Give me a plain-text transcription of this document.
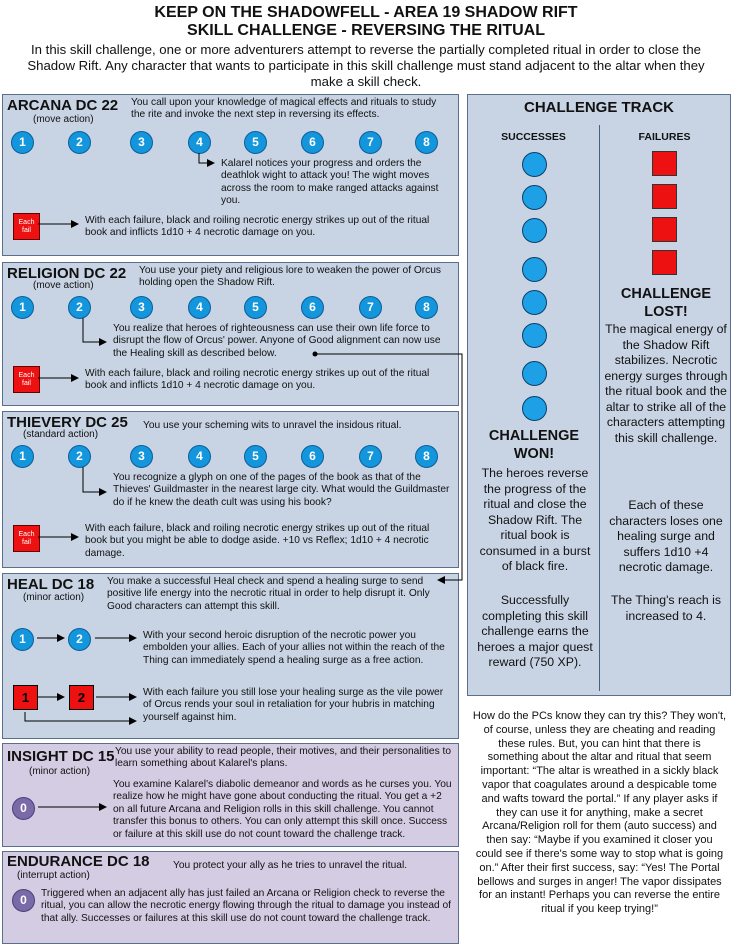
KEEP ON THE SHADOWFELL - AREA 19 SHADOW RIFT
SKILL CHALLENGE - REVERSING THE RITUAL
In this skill challenge, one or more adventurers attempt to reverse the partially completed ritual in order to close the Shadow Rift. Any character that wants to participate in this skill challenge must stand adjacent to the altar when they make a skill check.
ARCANA DC 22
(move action)
You call upon your knowledge of magical effects and rituals to study the rite and invoke the next step in reversing its effects.
1	2	3	4	5	6	7	8
Kalarel notices your progress and orders the deathlok wight to attack you! The wight moves across the room to make ranged attacks against you.
Each fail
With each failure, black and roiling necrotic energy strikes up out of the ritual book and inflicts 1d10 + 4 necrotic damage on you.
RELIGION DC 22
(move action)
You use your piety and religious lore to weaken the power of Orcus holding open the Shadow Rift.
1	2	3	4	5	6	7	8
You realize that heroes of righteousness can use their own life force to disrupt the flow of Orcus' power. Anyone of Good alignment can now use the Healing skill as described below.
Each fail
With each failure, black and roiling necrotic energy strikes up out of the ritual book and inflicts 1d10 + 4 necrotic damage on you.
THIEVERY DC 25
(standard action)
You use your scheming wits to unravel the insidous ritual.
1	2	3	4	5	6	7	8
You recognize a glyph on one of the pages of the book as that of the Thieves' Guildmaster in the nearest large city. What would the Guildmaster do if he knew the death cult was using his book?
Each fail
With each failure, black and roiling necrotic energy strikes up out of the ritual book but you might be able to dodge aside. +10 vs Reflex; 1d10 + 4 necrotic damage.
HEAL DC 18
(minor action)
You make a successful Heal check and spend a healing surge to send positive life energy into the necrotic ritual in order to help disrupt it. Only Good characters can attempt this skill.
1	2	With your second heroic disruption of the necrotic power you embolden your allies. Each of your allies not within the reach of the Thing can immediately spend a healing surge as a free action.
1	2	With each failure you still lose your healing surge as the vile power of Orcus rends your soul in retaliation for your hubris in matching yourself against him.
INSIGHT DC 15
(minor action)
You use your ability to read people, their motives, and their personalities to learn something about Kalarel's plans.
0
You examine Kalarel's diabolic demeanor and words as he curses you. You realize how he might have gone about conducting the ritual. You get a +2 on all future Arcana and Religion rolls in this skill challenge. You cannot transfer this bonus to others. You can only attempt this skill once. Success or failure at this skill use do not count toward the challenge track.
ENDURANCE DC 18
(interrupt action)
You protect your ally as he tries to unravel the ritual.
0	Triggered when an adjacent ally has just failed an Arcana or Religion check to reverse the ritual, you can allow the necrotic energy flowing through the ritual to damage you instead of that ally. Successes or failures at this skill use do not count toward the challenge track.
CHALLENGE TRACK
SUCCESSES	FAILURES
CHALLENGE WON!
The heroes reverse the progress of the ritual and close the Shadow Rift. The ritual book is consumed in a burst of black fire.
Successfully completing this skill challenge earns the heroes a major quest reward (750 XP).
CHALLENGE LOST!
The magical energy of the Shadow Rift stabilizes. Necrotic energy surges through the ritual book and the altar to strike all of the characters attempting this skill challenge.
Each of these characters loses one healing surge and suffers 1d10 +4 necrotic damage.
The Thing's reach is increased to 4.
How do the PCs know they can try this? They won't, of course, unless they are cheating and reading these rules. But, you can hint that there is something about the altar and ritual that seem important: “The altar is wreathed in a sickly black vapor that coagulates around a despicable tome and wafts toward the portal.” If any player asks if they can use it for anything, make a secret Arcana/Religion roll for them (auto success) and then say: “Maybe if you examined it closer you could see if there's some way to stop what is going on.” After their first success, say: “Yes! The Portal bellows and surges in anger! The vapor dissipates for an instant! Perhaps you can reverse the entire ritual if you keep trying!”
